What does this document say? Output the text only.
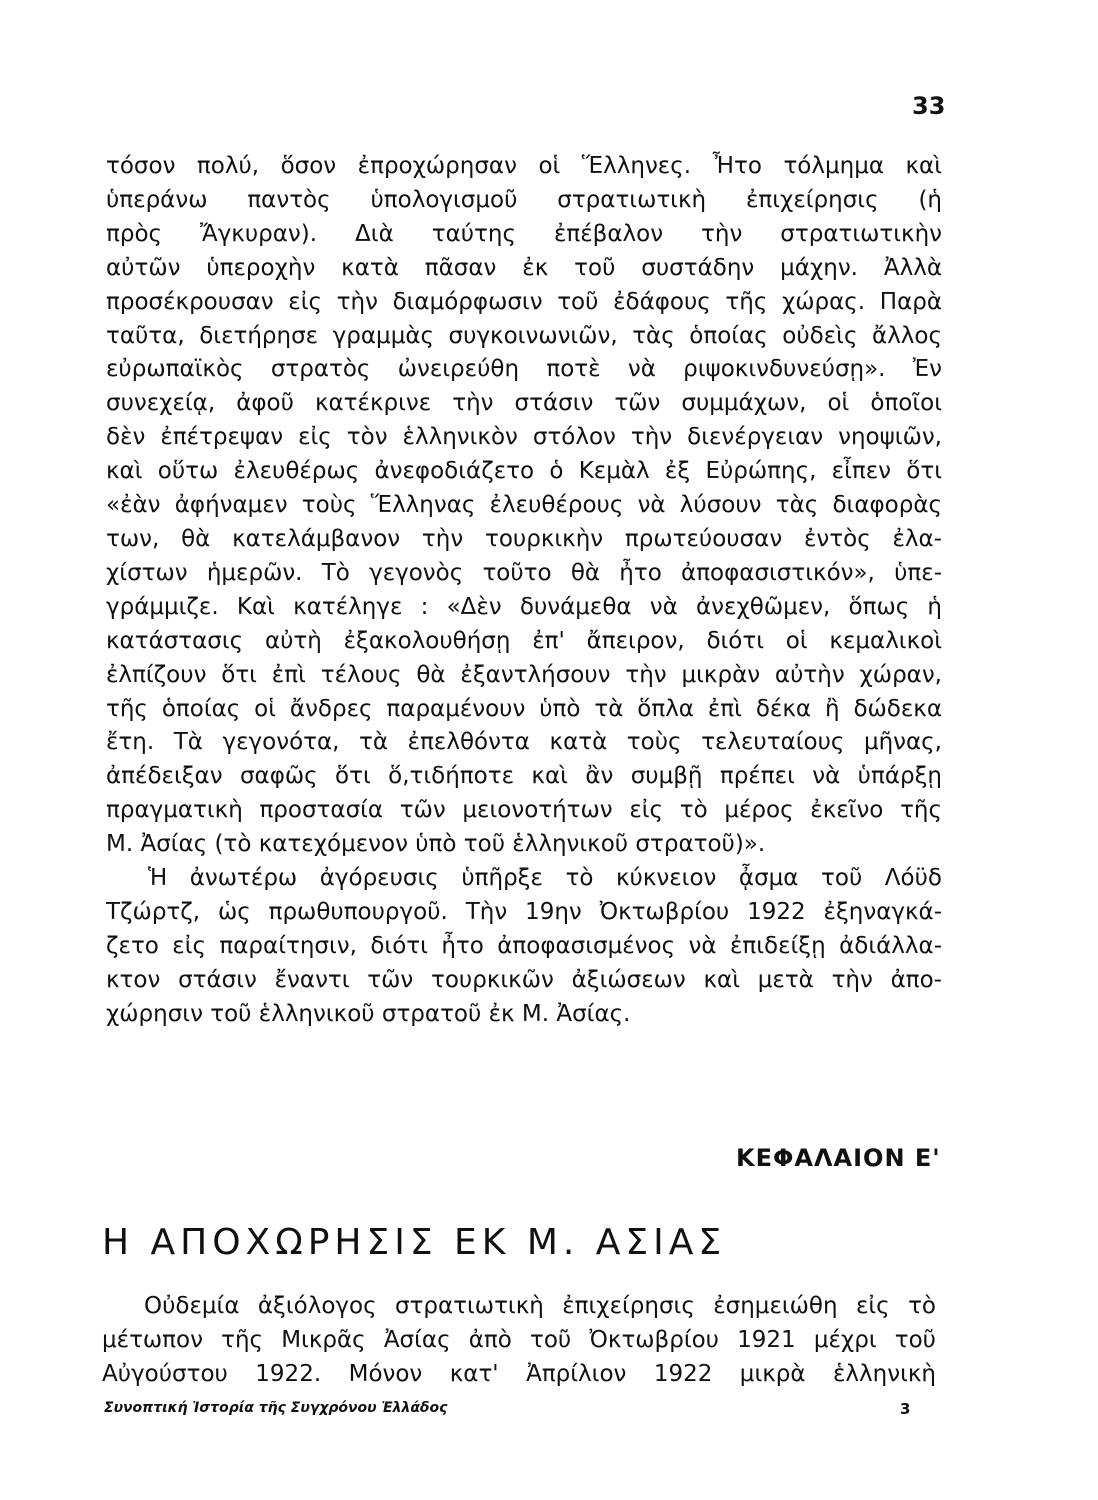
33
τόσον πολύ, ὅσον ἐπροχώρησαν οἱ Ἕλληνες. Ἦτο τόλμημα καὶ
ὑπεράνω παντὸς ὑπολογισμοῦ στρατιωτικὴ ἐπιχείρησις (ἡ
πρὸς Ἄγκυραν). Διὰ ταύτης ἐπέβαλον τὴν στρατιωτικὴν
αὐτῶν ὑπεροχὴν κατὰ πᾶσαν ἐκ τοῦ συστάδην μάχην. Ἀλλὰ
προσέκρουσαν εἰς τὴν διαμόρφωσιν τοῦ ἐδάφους τῆς χώρας. Παρὰ
ταῦτα, διετήρησε γραμμὰς συγκοινωνιῶν, τὰς ὁποίας οὐδεὶς ἄλλος
εὐρωπαϊκὸς στρατὸς ὠνειρεύθη ποτὲ νὰ ριψοκινδυνεύσῃ». Ἐν
συνεχείᾳ, ἀφοῦ κατέκρινε τὴν στάσιν τῶν συμμάχων, οἱ ὁποῖοι
δὲν ἐπέτρεψαν εἰς τὸν ἑλληνικὸν στόλον τὴν διενέργειαν νηοψιῶν,
καὶ οὕτω ἐλευθέρως ἀνεφοδιάζετο ὁ Κεμὰλ ἐξ Εὐρώπης, εἶπεν ὅτι
«ἐὰν ἀφήναμεν τοὺς Ἕλληνας ἐλευθέρους νὰ λύσουν τὰς διαφορὰς
των, θὰ κατελάμβανον τὴν τουρκικὴν πρωτεύουσαν ἐντὸς ἐλα-
χίστων ἡμερῶν. Τὸ γεγονὸς τοῦτο θὰ ἦτο ἀποφασιστικόν», ὑπε-
γράμμιζε. Καὶ κατέληγε : «Δὲν δυνάμεθα νὰ ἀνεχθῶμεν, ὅπως ἡ
κατάστασις αὐτὴ ἐξακολουθήσῃ ἐπ' ἄπειρον, διότι οἱ κεμαλικοὶ
ἐλπίζουν ὅτι ἐπὶ τέλους θὰ ἐξαντλήσουν τὴν μικρὰν αὐτὴν χώραν,
τῆς ὁποίας οἱ ἄνδρες παραμένουν ὑπὸ τὰ ὅπλα ἐπὶ δέκα ἢ δώδεκα
ἔτη. Τὰ γεγονότα, τὰ ἐπελθόντα κατὰ τοὺς τελευταίους μῆνας,
ἀπέδειξαν σαφῶς ὅτι ὅ,τιδήποτε καὶ ἂν συμβῇ πρέπει νὰ ὑπάρξῃ
πραγματικὴ προστασία τῶν μειονοτήτων εἰς τὸ μέρος ἐκεῖνο τῆς
Μ. Ἀσίας (τὸ κατεχόμενον ὑπὸ τοῦ ἑλληνικοῦ στρατοῦ)».
Ἡ ἀνωτέρω ἀγόρευσις ὑπῆρξε τὸ κύκνειον ᾆσμα τοῦ Λόϋδ
Τζώρτζ, ὡς πρωθυπουργοῦ. Τὴν 19ην Ὀκτωβρίου 1922 ἐξηναγκά-
ζετο εἰς παραίτησιν, διότι ἦτο ἀποφασισμένος νὰ ἐπιδείξῃ ἀδιάλλα-
κτον στάσιν ἔναντι τῶν τουρκικῶν ἀξιώσεων καὶ μετὰ τὴν ἀπο-
χώρησιν τοῦ ἑλληνικοῦ στρατοῦ ἐκ Μ. Ἀσίας.
ΚΕΦΑΛΑΙΟΝ Ε'
Η ΑΠΟΧΩΡΗΣΙΣ ΕΚ Μ. ΑΣΙΑΣ
Οὐδεμία ἀξιόλογος στρατιωτικὴ ἐπιχείρησις ἐσημειώθη εἰς τὸ
μέτωπον τῆς Μικρᾶς Ἀσίας ἀπὸ τοῦ Ὀκτωβρίου 1921 μέχρι τοῦ
Αὐγούστου 1922. Μόνον κατ' Ἀπρίλιον 1922 μικρὰ ἑλληνικὴ
Συνοπτική Ἱστορία τῆς Συγχρόνου Ἑλλάδος	3
